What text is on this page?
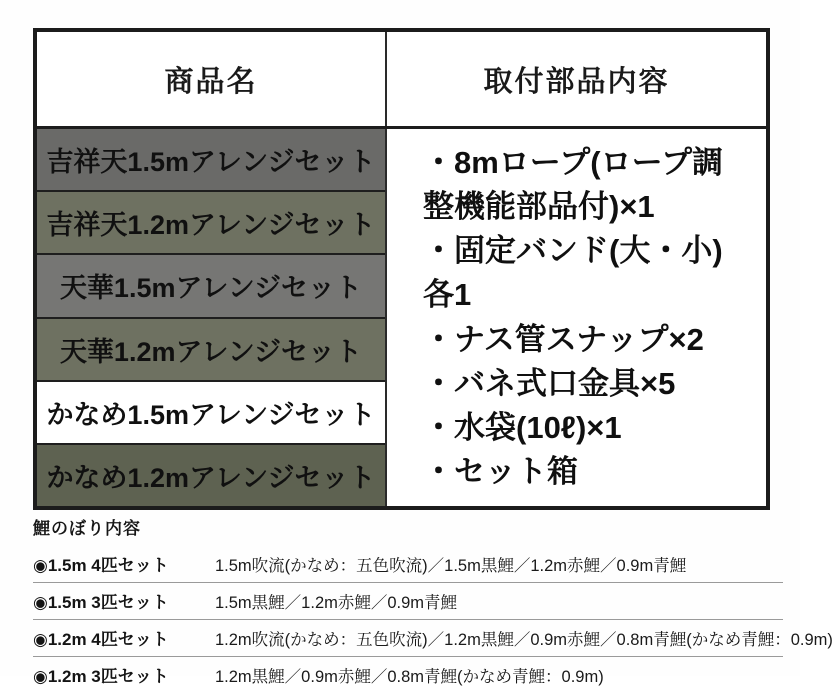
商品名	取付部品内容
吉祥天1.5mアレンジセット
吉祥天1.2mアレンジセット
天華1.5mアレンジセット
天華1.2mアレンジセット
かなめ1.5mアレンジセット
かなめ1.2mアレンジセット
・8mロープ(ロープ調整機能部品付)×1
・固定バンド(大・小)各1
・ナス管スナップ×2
・バネ式口金具×5
・水袋(10ℓ)×1
・セット箱
鯉のぼり内容
◉1.5m 4匹セット	1.5m吹流(かなめ：五色吹流)／1.5m黒鯉／1.2m赤鯉／0.9m青鯉
◉1.5m 3匹セット	1.5m黒鯉／1.2m赤鯉／0.9m青鯉
◉1.2m 4匹セット	1.2m吹流(かなめ：五色吹流)／1.2m黒鯉／0.9m赤鯉／0.8m青鯉(かなめ青鯉：0.9m)
◉1.2m 3匹セット	1.2m黒鯉／0.9m赤鯉／0.8m青鯉(かなめ青鯉：0.9m)
